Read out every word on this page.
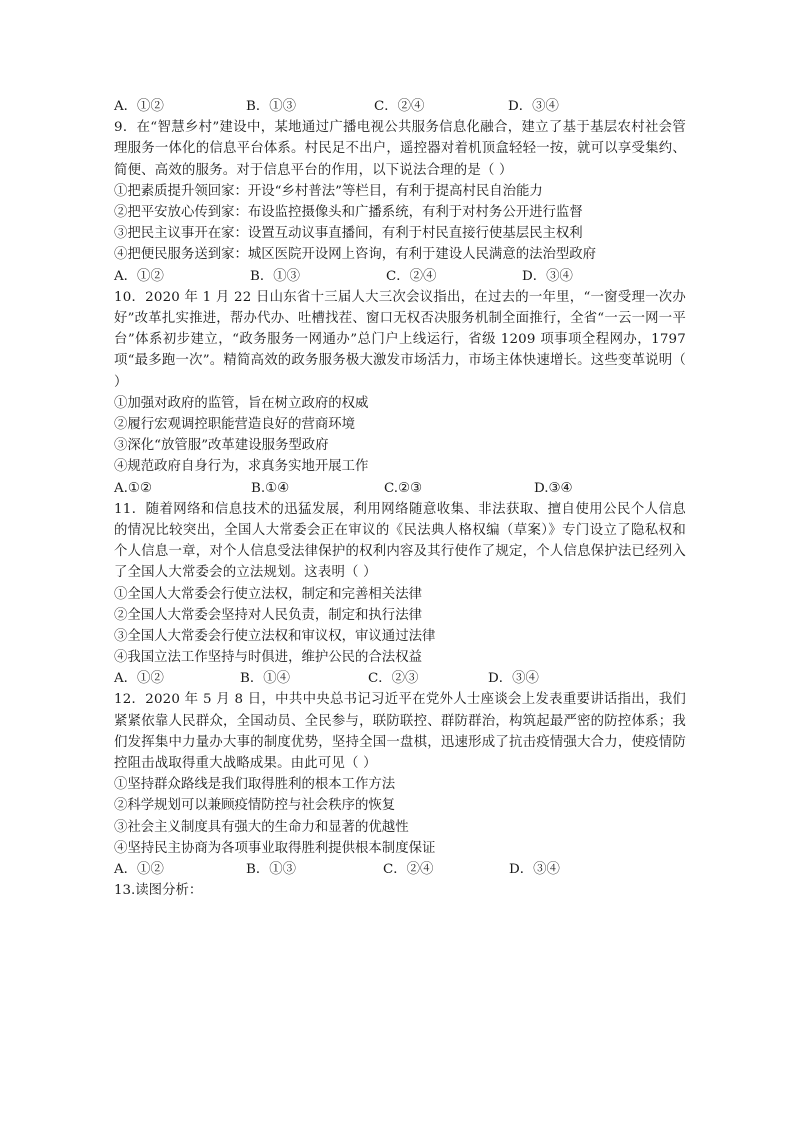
A．①②	B．①③	C．②④	D．③④
9．在“智慧乡村”建设中，某地通过广播电视公共服务信息化融合，建立了基于基层农村社会管理服务一体化的信息平台体系。村民足不出户，遥控器对着机顶盒轻轻一按，就可以享受集约、简便、高效的服务。对于信息平台的作用，以下说法合理的是（ ）
①把素质提升领回家：开设“乡村普法”等栏目，有利于提高村民自治能力
②把平安放心传到家：布设监控摄像头和广播系统，有利于对村务公开进行监督
③把民主议事开在家：设置互动议事直播间，有利于村民直接行使基层民主权利
④把便民服务送到家：城区医院开设网上咨询，有利于建设人民满意的法治型政府
A．①②	B．①③	C．②④	D．③④
10．2020 年 1 月 22 日山东省十三届人大三次会议指出，在过去的一年里，“一窗受理一次办好”改革扎实推进，帮办代办、吐槽找茬、窗口无权否决服务机制全面推行，全省“一云一网一平台”体系初步建立，“政务服务一网通办”总门户上线运行，省级 1209 项事项全程网办，1797 项“最多跑一次”。精简高效的政务服务极大激发市场活力，市场主体快速增长。这些变革说明（ ）
①加强对政府的监管，旨在树立政府的权威
②履行宏观调控职能营造良好的营商环境
③深化“放管服”改革建设服务型政府
④规范政府自身行为，求真务实地开展工作
A.①②	B.①④	C.②③	D.③④
11．随着网络和信息技术的迅猛发展，利用网络随意收集、非法获取、擅自使用公民个人信息的情况比较突出，全国人大常委会正在审议的《民法典人格权编（草案）》专门设立了隐私权和个人信息一章，对个人信息受法律保护的权利内容及其行使作了规定，个人信息保护法已经列入了全国人大常委会的立法规划。这表明（ ）
①全国人大常委会行使立法权，制定和完善相关法律
②全国人大常委会坚持对人民负责，制定和执行法律
③全国人大常委会行使立法权和审议权，审议通过法律
④我国立法工作坚持与时俱进，维护公民的合法权益
A．①②	B．①④	C．②③	D．③④
12．2020 年 5 月 8 日，中共中央总书记习近平在党外人士座谈会上发表重要讲话指出，我们紧紧依靠人民群众，全国动员、全民参与，联防联控、群防群治，构筑起最严密的防控体系；我们发挥集中力量办大事的制度优势，坚持全国一盘棋，迅速形成了抗击疫情强大合力，使疫情防控阻击战取得重大战略成果。由此可见（ ）
①坚持群众路线是我们取得胜利的根本工作方法
②科学规划可以兼顾疫情防控与社会秩序的恢复
③社会主义制度具有强大的生命力和显著的优越性
④坚持民主协商为各项事业取得胜利提供根本制度保证
A．①②	B．①③	C．②④	D．③④
13.读图分析：
